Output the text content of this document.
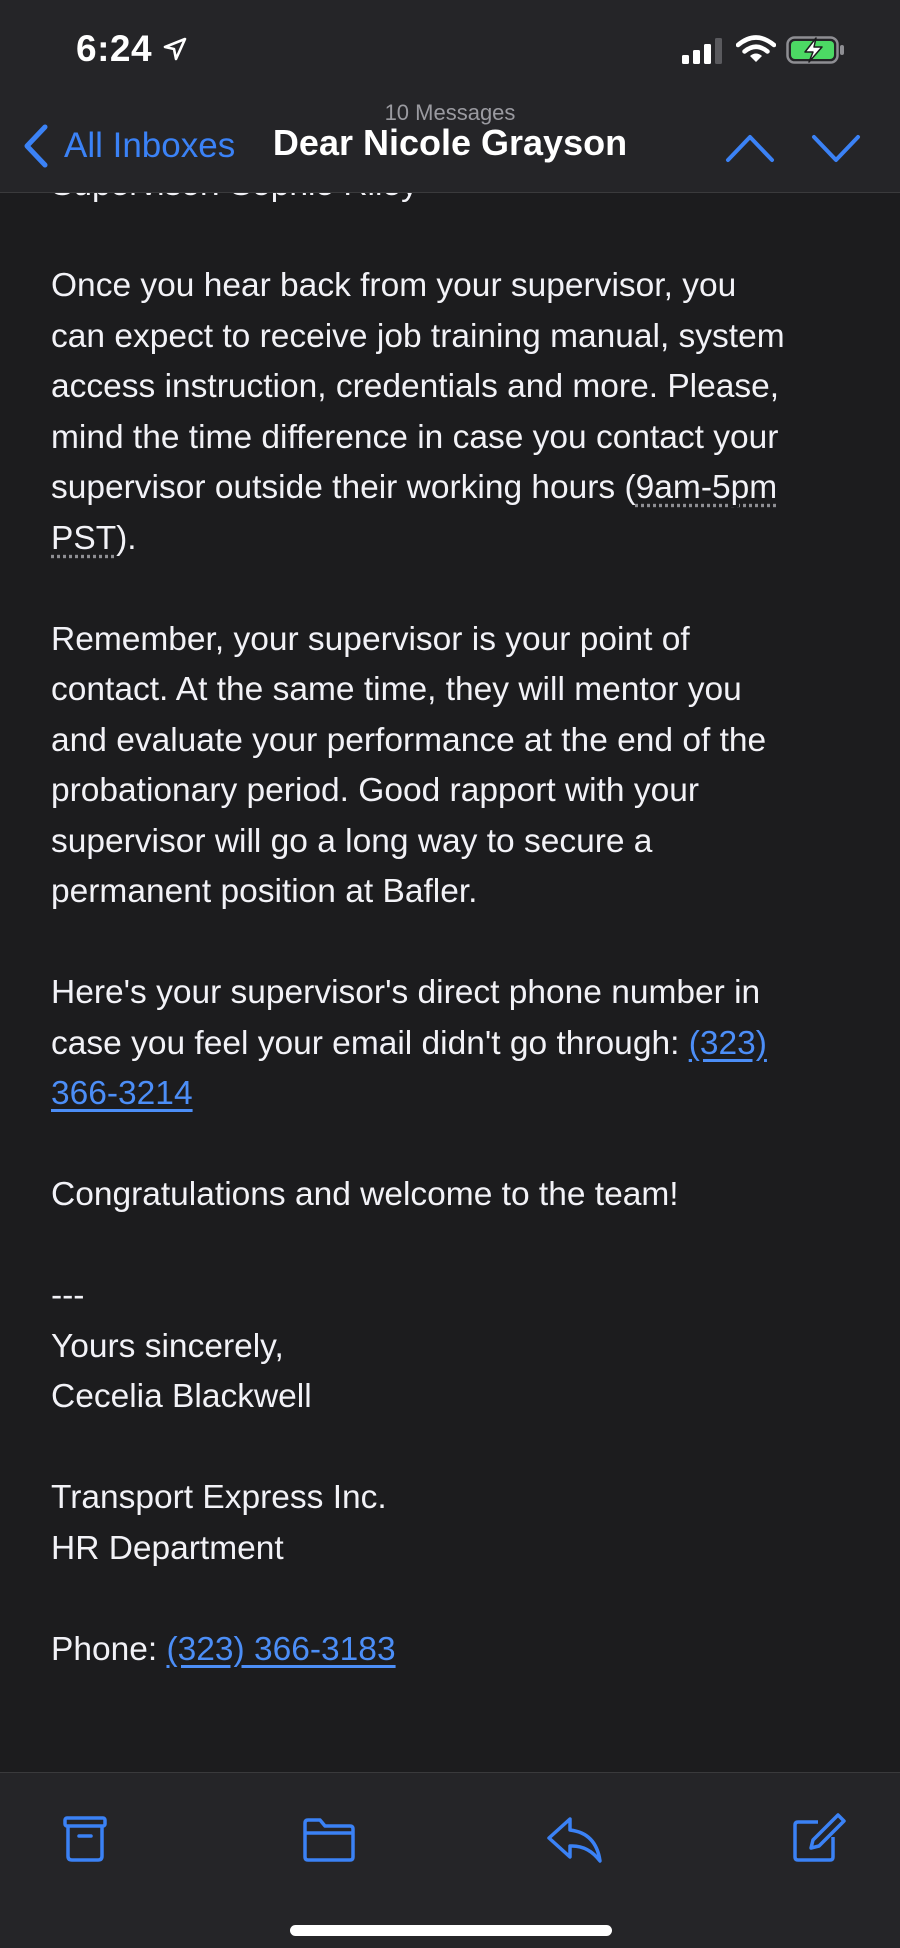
6:24
10 Messages
Dear Nicole Grayson
All Inboxes

Once you hear back from your supervisor, you
can expect to receive job training manual, system
access instruction, credentials and more. Please,
mind the time difference in case you contact your
supervisor outside their working hours (9am-5pm
PST).

Remember, your supervisor is your point of
contact. At the same time, they will mentor you
and evaluate your performance at the end of the
probationary period. Good rapport with your
supervisor will go a long way to secure a
permanent position at Bafler.

Here's your supervisor's direct phone number in
case you feel your email didn't go through: (323)
366-3214

Congratulations and welcome to the team!

---
Yours sincerely,
Cecelia Blackwell

Transport Express Inc.
HR Department

Phone: (323) 366-3183
